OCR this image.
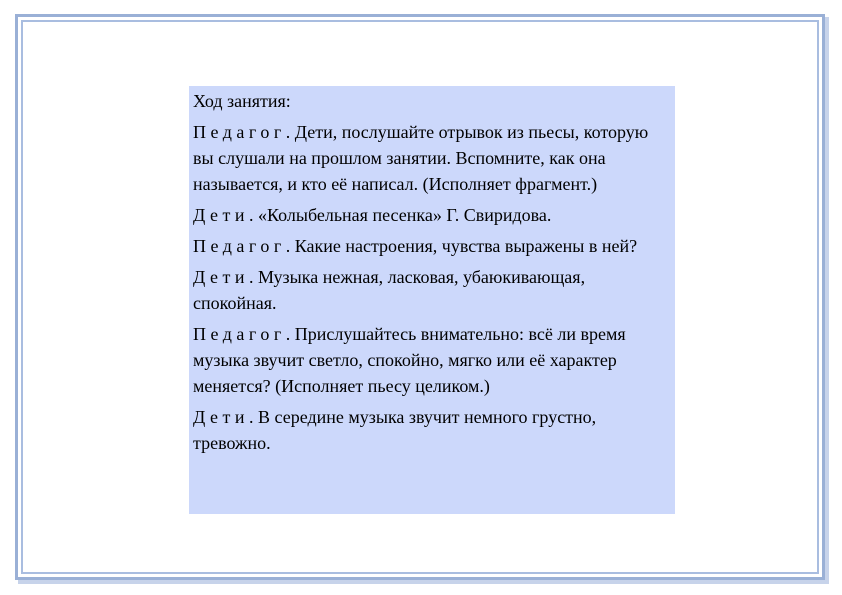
Ход занятия:

Педагог. Дети, послушайте отрывок из пьесы, которую вы слушали на прошлом занятии. Вспомните, как она называется, и кто её написал. (Исполняет фрагмент.)

Дети. «Колыбельная песенка» Г. Свиридова.

Педагог. Какие настроения, чувства выражены в ней?

Дети. Музыка нежная, ласковая, убаюкивающая, спокойная.

Педагог. Прислушайтесь внимательно: всё ли время музыка звучит светло, спокойно, мягко или её характер меняется? (Исполняет пьесу целиком.)

Дети. В середине музыка звучит немного грустно, тревожно.
